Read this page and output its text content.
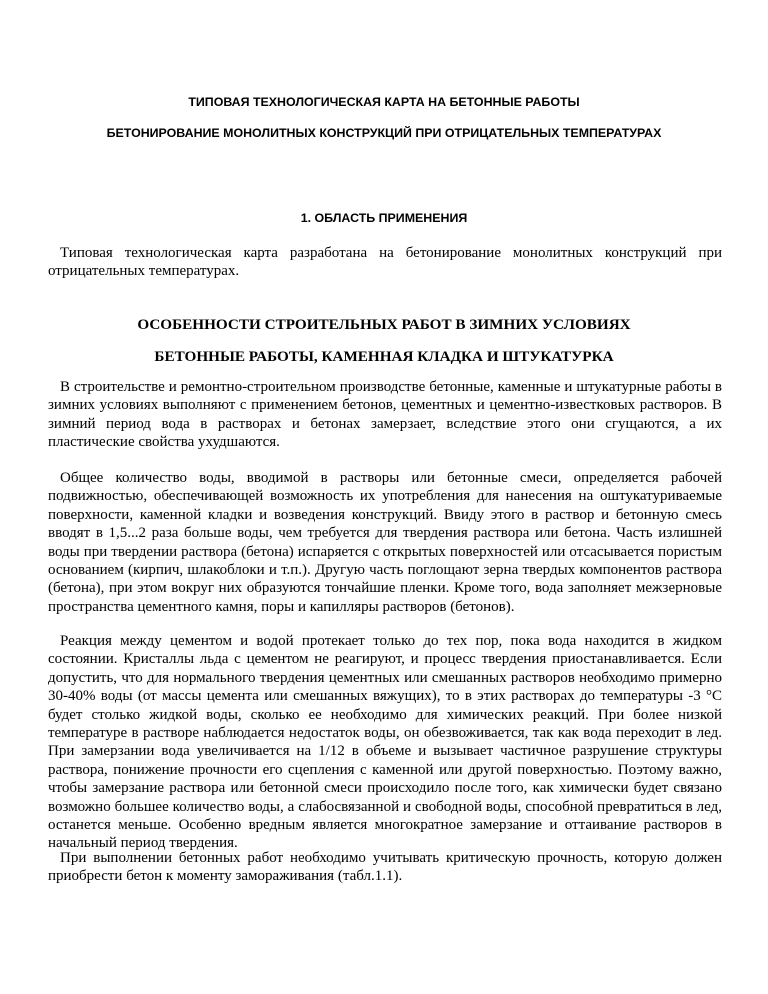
ТИПОВАЯ ТЕХНОЛОГИЧЕСКАЯ КАРТА НА БЕТОННЫЕ РАБОТЫ
БЕТОНИРОВАНИЕ МОНОЛИТНЫХ КОНСТРУКЦИЙ ПРИ ОТРИЦАТЕЛЬНЫХ ТЕМПЕРАТУРАХ
1. ОБЛАСТЬ ПРИМЕНЕНИЯ

Типовая технологическая карта разработана на бетонирование монолитных конструкций при отрицательных температурах.

ОСОБЕННОСТИ СТРОИТЕЛЬНЫХ РАБОТ В ЗИМНИХ УСЛОВИЯХ
БЕТОННЫЕ РАБОТЫ, КАМЕННАЯ КЛАДКА И ШТУКАТУРКА

В строительстве и ремонтно-строительном производстве бетонные, каменные и штукатурные работы в зимних условиях выполняют с применением бетонов, цементных и цементно-известковых растворов. В зимний период вода в растворах и бетонах замерзает, вследствие этого они сгущаются, а их пластические свойства ухудшаются.

Общее количество воды, вводимой в растворы или бетонные смеси, определяется рабочей подвижностью, обеспечивающей возможность их употребления для нанесения на оштукатуриваемые поверхности, каменной кладки и возведения конструкций. Ввиду этого в раствор и бетонную смесь вводят в 1,5...2 раза больше воды, чем требуется для твердения раствора или бетона. Часть излишней воды при твердении раствора (бетона) испаряется с открытых поверхностей или отсасывается пористым основанием (кирпич, шлакоблоки и т.п.). Другую часть поглощают зерна твердых компонентов раствора (бетона), при этом вокруг них образуются тончайшие пленки. Кроме того, вода заполняет межзерновые пространства цементного камня, поры и капилляры растворов (бетонов).

Реакция между цементом и водой протекает только до тех пор, пока вода находится в жидком состоянии. Кристаллы льда с цементом не реагируют, и процесс твердения приостанавливается. Если допустить, что для нормального твердения цементных или смешанных растворов необходимо примерно 30-40% воды (от массы цемента или смешанных вяжущих), то в этих растворах до температуры -3 °С будет столько жидкой воды, сколько ее необходимо для химических реакций. При более низкой температуре в растворе наблюдается недостаток воды, он обезвоживается, так как вода переходит в лед. При замерзании вода увеличивается на 1/12 в объеме и вызывает частичное разрушение структуры раствора, понижение прочности его сцепления с каменной или другой поверхностью. Поэтому важно, чтобы замерзание раствора или бетонной смеси происходило после того, как химически будет связано возможно большее количество воды, а слабосвязанной и свободной воды, способной превратиться в лед, останется меньше. Особенно вредным является многократное замерзание и оттаивание растворов в начальный период твердения.

При выполнении бетонных работ необходимо учитывать критическую прочность, которую должен приобрести бетон к моменту замораживания (табл.1.1).
